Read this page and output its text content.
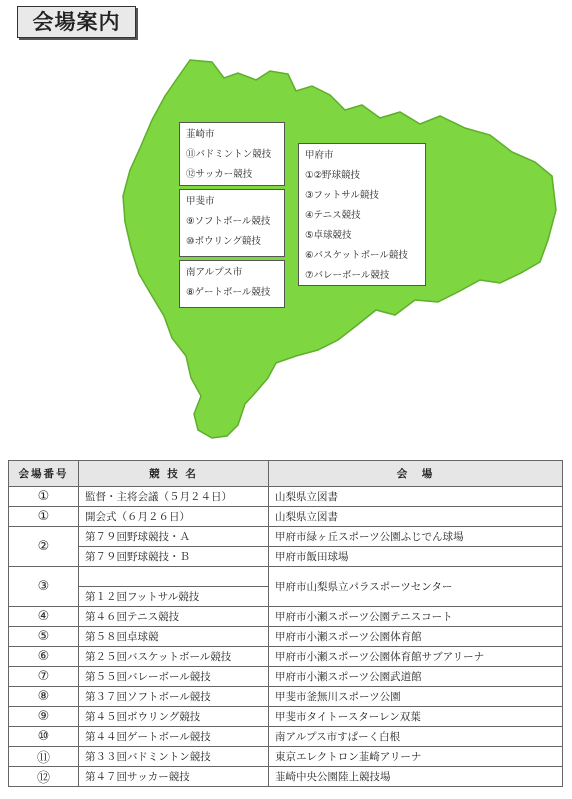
会場案内
韮崎市
⑪バドミントン競技
⑫サッカー競技
甲斐市
⑨ソフトボール競技
⑩ボウリング競技
南アルプス市
⑧ゲートボール競技
甲府市
①②野球競技
③フットサル競技
④テニス競技
⑤卓球競技
⑥バスケットボール競技
⑦バレーボール競技
会場番号	競 技 名	会　場
①	監督・主将会議（５月２４日）	山梨県立図書
①	開会式（６月２６日）	山梨県立図書
②	第７９回野球競技・Ａ	甲府市緑ヶ丘スポーツ公園ふじでん球場
	第７９回野球競技・Ｂ	甲府市飯田球場
③		甲府市山梨県立パラスポーツセンター
	第１２回フットサル競技	
④	第４６回テニス競技	甲府市小瀬スポーツ公園テニスコート
⑤	第５８回卓球競	甲府市小瀬スポーツ公園体育館
⑥	第２５回バスケットボール競技	甲府市小瀬スポーツ公園体育館サブアリーナ
⑦	第５５回バレーボール競技	甲府市小瀬スポーツ公園武道館
⑧	第３７回ソフトボール競技	甲斐市釜無川スポーツ公園
⑨	第４５回ボウリング競技	甲斐市タイトースターレン双葉
⑩	第４４回ゲートボール競技	南アルプス市すぱーく白根
⑪	第３３回バドミントン競技	東京エレクトロン韮崎アリーナ
⑫	第４７回サッカー競技	韮崎中央公園陸上競技場
